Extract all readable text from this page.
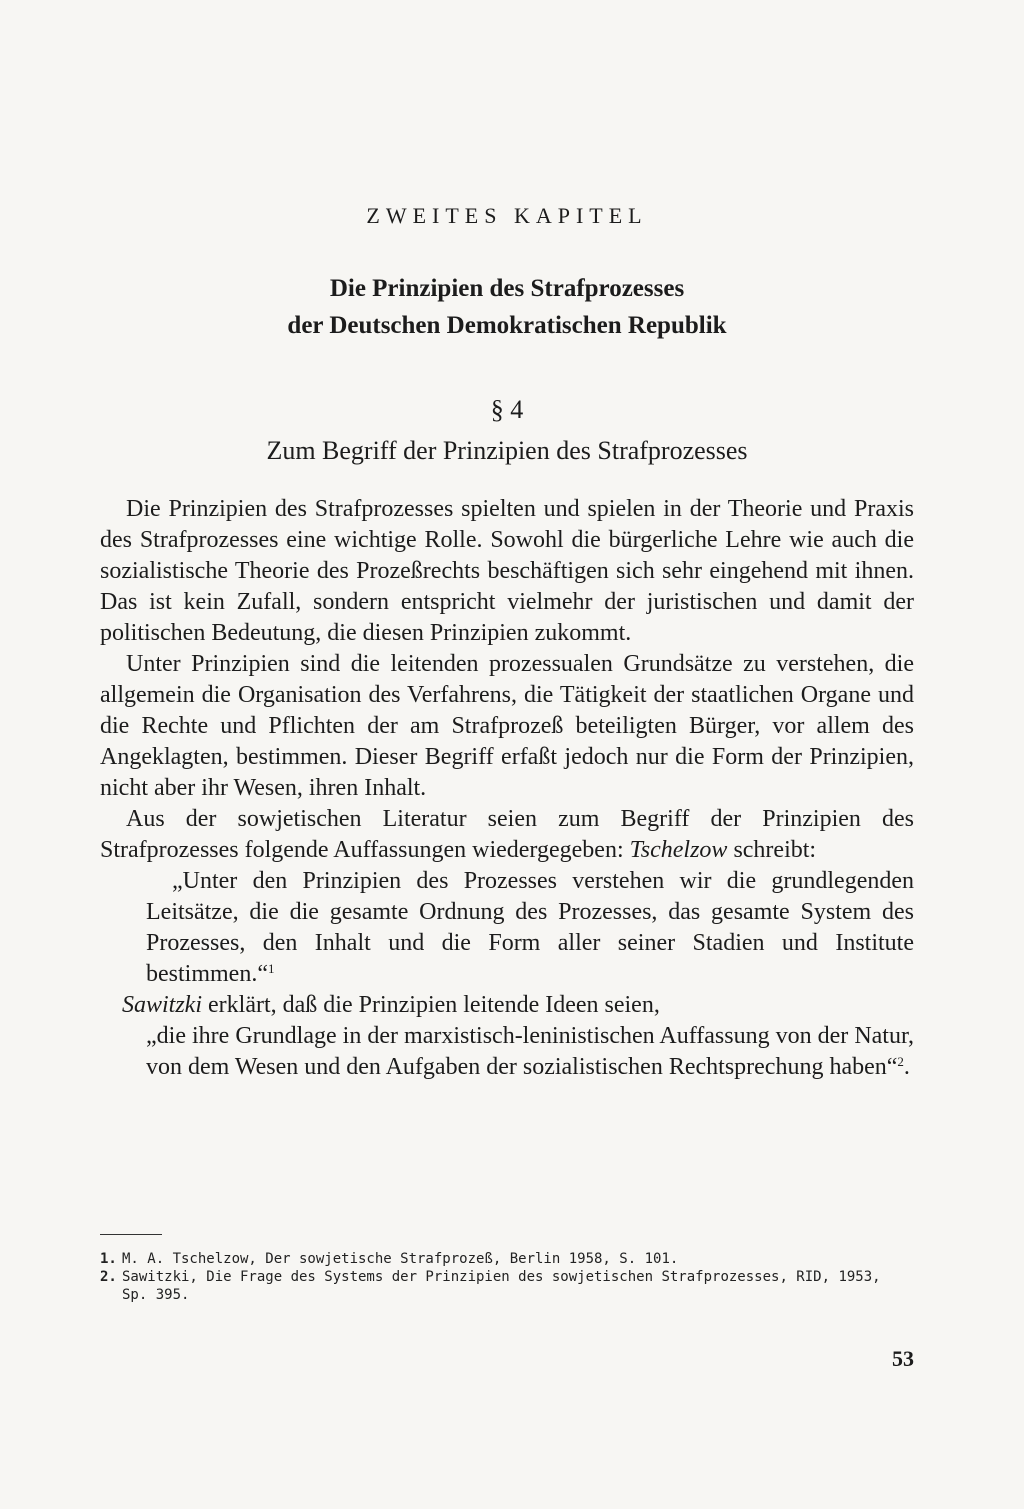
ZWEITES KAPITEL
Die Prinzipien des Strafprozesses
der Deutschen Demokratischen Republik
§ 4
Zum Begriff der Prinzipien des Strafprozesses

Die Prinzipien des Strafprozesses spielten und spielen in der Theorie und Praxis des Strafprozesses eine wichtige Rolle. Sowohl die bürgerliche Lehre wie auch die sozialistische Theorie des Prozeßrechts beschäftigen sich sehr eingehend mit ihnen. Das ist kein Zufall, sondern entspricht vielmehr der juristischen und damit der politischen Bedeutung, die diesen Prinzipien zukommt.

Unter Prinzipien sind die leitenden prozessualen Grundsätze zu verstehen, die allgemein die Organisation des Verfahrens, die Tätigkeit der staatlichen Organe und die Rechte und Pflichten der am Strafprozeß beteiligten Bürger, vor allem des Angeklagten, bestimmen. Dieser Begriff erfaßt jedoch nur die Form der Prinzipien, nicht aber ihr Wesen, ihren Inhalt.

Aus der sowjetischen Literatur seien zum Begriff der Prinzipien des Strafprozesses folgende Auffassungen wiedergegeben: Tschelzow schreibt:

„Unter den Prinzipien des Prozesses verstehen wir die grundlegenden Leitsätze, die die gesamte Ordnung des Prozesses, das gesamte System des Prozesses, den Inhalt und die Form aller seiner Stadien und Institute bestimmen.“$^1$

Sawitzki erklärt, daß die Prinzipien leitende Ideen seien,

„die ihre Grundlage in der marxistisch-leninistischen Auffassung von der Natur, von dem Wesen und den Aufgaben der sozialistischen Rechtsprechung haben“$^2$.

1. M. A. Tschelzow, Der sowjetische Strafprozeß, Berlin 1958, S. 101.
2. Sawitzki, Die Frage des Systems der Prinzipien des sowjetischen Strafprozesses, RID, 1953, Sp. 395.
53
